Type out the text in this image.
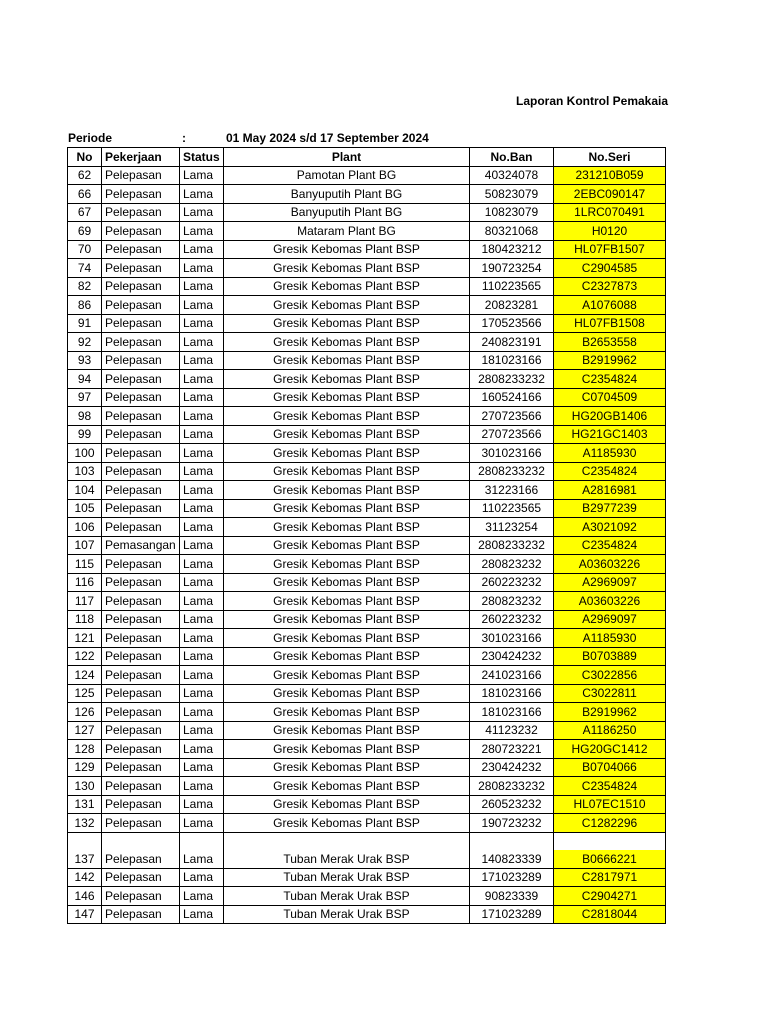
Laporan Kontrol Pemakaia
Periode	:	01 May 2024 s/d 17 September 2024
No	Pekerjaan	Status	Plant	No.Ban	No.Seri
62	Pelepasan	Lama	Pamotan Plant BG	40324078	231210B059
66	Pelepasan	Lama	Banyuputih Plant BG	50823079	2EBC090147
67	Pelepasan	Lama	Banyuputih Plant BG	10823079	1LRC070491
69	Pelepasan	Lama	Mataram Plant BG	80321068	H0120
70	Pelepasan	Lama	Gresik Kebomas Plant BSP	180423212	HL07FB1507
74	Pelepasan	Lama	Gresik Kebomas Plant BSP	190723254	C2904585
82	Pelepasan	Lama	Gresik Kebomas Plant BSP	110223565	C2327873
86	Pelepasan	Lama	Gresik Kebomas Plant BSP	20823281	A1076088
91	Pelepasan	Lama	Gresik Kebomas Plant BSP	170523566	HL07FB1508
92	Pelepasan	Lama	Gresik Kebomas Plant BSP	240823191	B2653558
93	Pelepasan	Lama	Gresik Kebomas Plant BSP	181023166	B2919962
94	Pelepasan	Lama	Gresik Kebomas Plant BSP	2808233232	C2354824
97	Pelepasan	Lama	Gresik Kebomas Plant BSP	160524166	C0704509
98	Pelepasan	Lama	Gresik Kebomas Plant BSP	270723566	HG20GB1406
99	Pelepasan	Lama	Gresik Kebomas Plant BSP	270723566	HG21GC1403
100	Pelepasan	Lama	Gresik Kebomas Plant BSP	301023166	A1185930
103	Pelepasan	Lama	Gresik Kebomas Plant BSP	2808233232	C2354824
104	Pelepasan	Lama	Gresik Kebomas Plant BSP	31223166	A2816981
105	Pelepasan	Lama	Gresik Kebomas Plant BSP	110223565	B2977239
106	Pelepasan	Lama	Gresik Kebomas Plant BSP	31123254	A3021092
107	Pemasangan	Lama	Gresik Kebomas Plant BSP	2808233232	C2354824
115	Pelepasan	Lama	Gresik Kebomas Plant BSP	280823232	A03603226
116	Pelepasan	Lama	Gresik Kebomas Plant BSP	260223232	A2969097
117	Pelepasan	Lama	Gresik Kebomas Plant BSP	280823232	A03603226
118	Pelepasan	Lama	Gresik Kebomas Plant BSP	260223232	A2969097
121	Pelepasan	Lama	Gresik Kebomas Plant BSP	301023166	A1185930
122	Pelepasan	Lama	Gresik Kebomas Plant BSP	230424232	B0703889
124	Pelepasan	Lama	Gresik Kebomas Plant BSP	241023166	C3022856
125	Pelepasan	Lama	Gresik Kebomas Plant BSP	181023166	C3022811
126	Pelepasan	Lama	Gresik Kebomas Plant BSP	181023166	B2919962
127	Pelepasan	Lama	Gresik Kebomas Plant BSP	41123232	A1186250
128	Pelepasan	Lama	Gresik Kebomas Plant BSP	280723221	HG20GC1412
129	Pelepasan	Lama	Gresik Kebomas Plant BSP	230424232	B0704066
130	Pelepasan	Lama	Gresik Kebomas Plant BSP	2808233232	C2354824
131	Pelepasan	Lama	Gresik Kebomas Plant BSP	260523232	HL07EC1510
132	Pelepasan	Lama	Gresik Kebomas Plant BSP	190723232	C1282296

137	Pelepasan	Lama	Tuban Merak Urak BSP	140823339	B0666221
142	Pelepasan	Lama	Tuban Merak Urak BSP	171023289	C2817971
146	Pelepasan	Lama	Tuban Merak Urak BSP	90823339	C2904271
147	Pelepasan	Lama	Tuban Merak Urak BSP	171023289	C2818044
